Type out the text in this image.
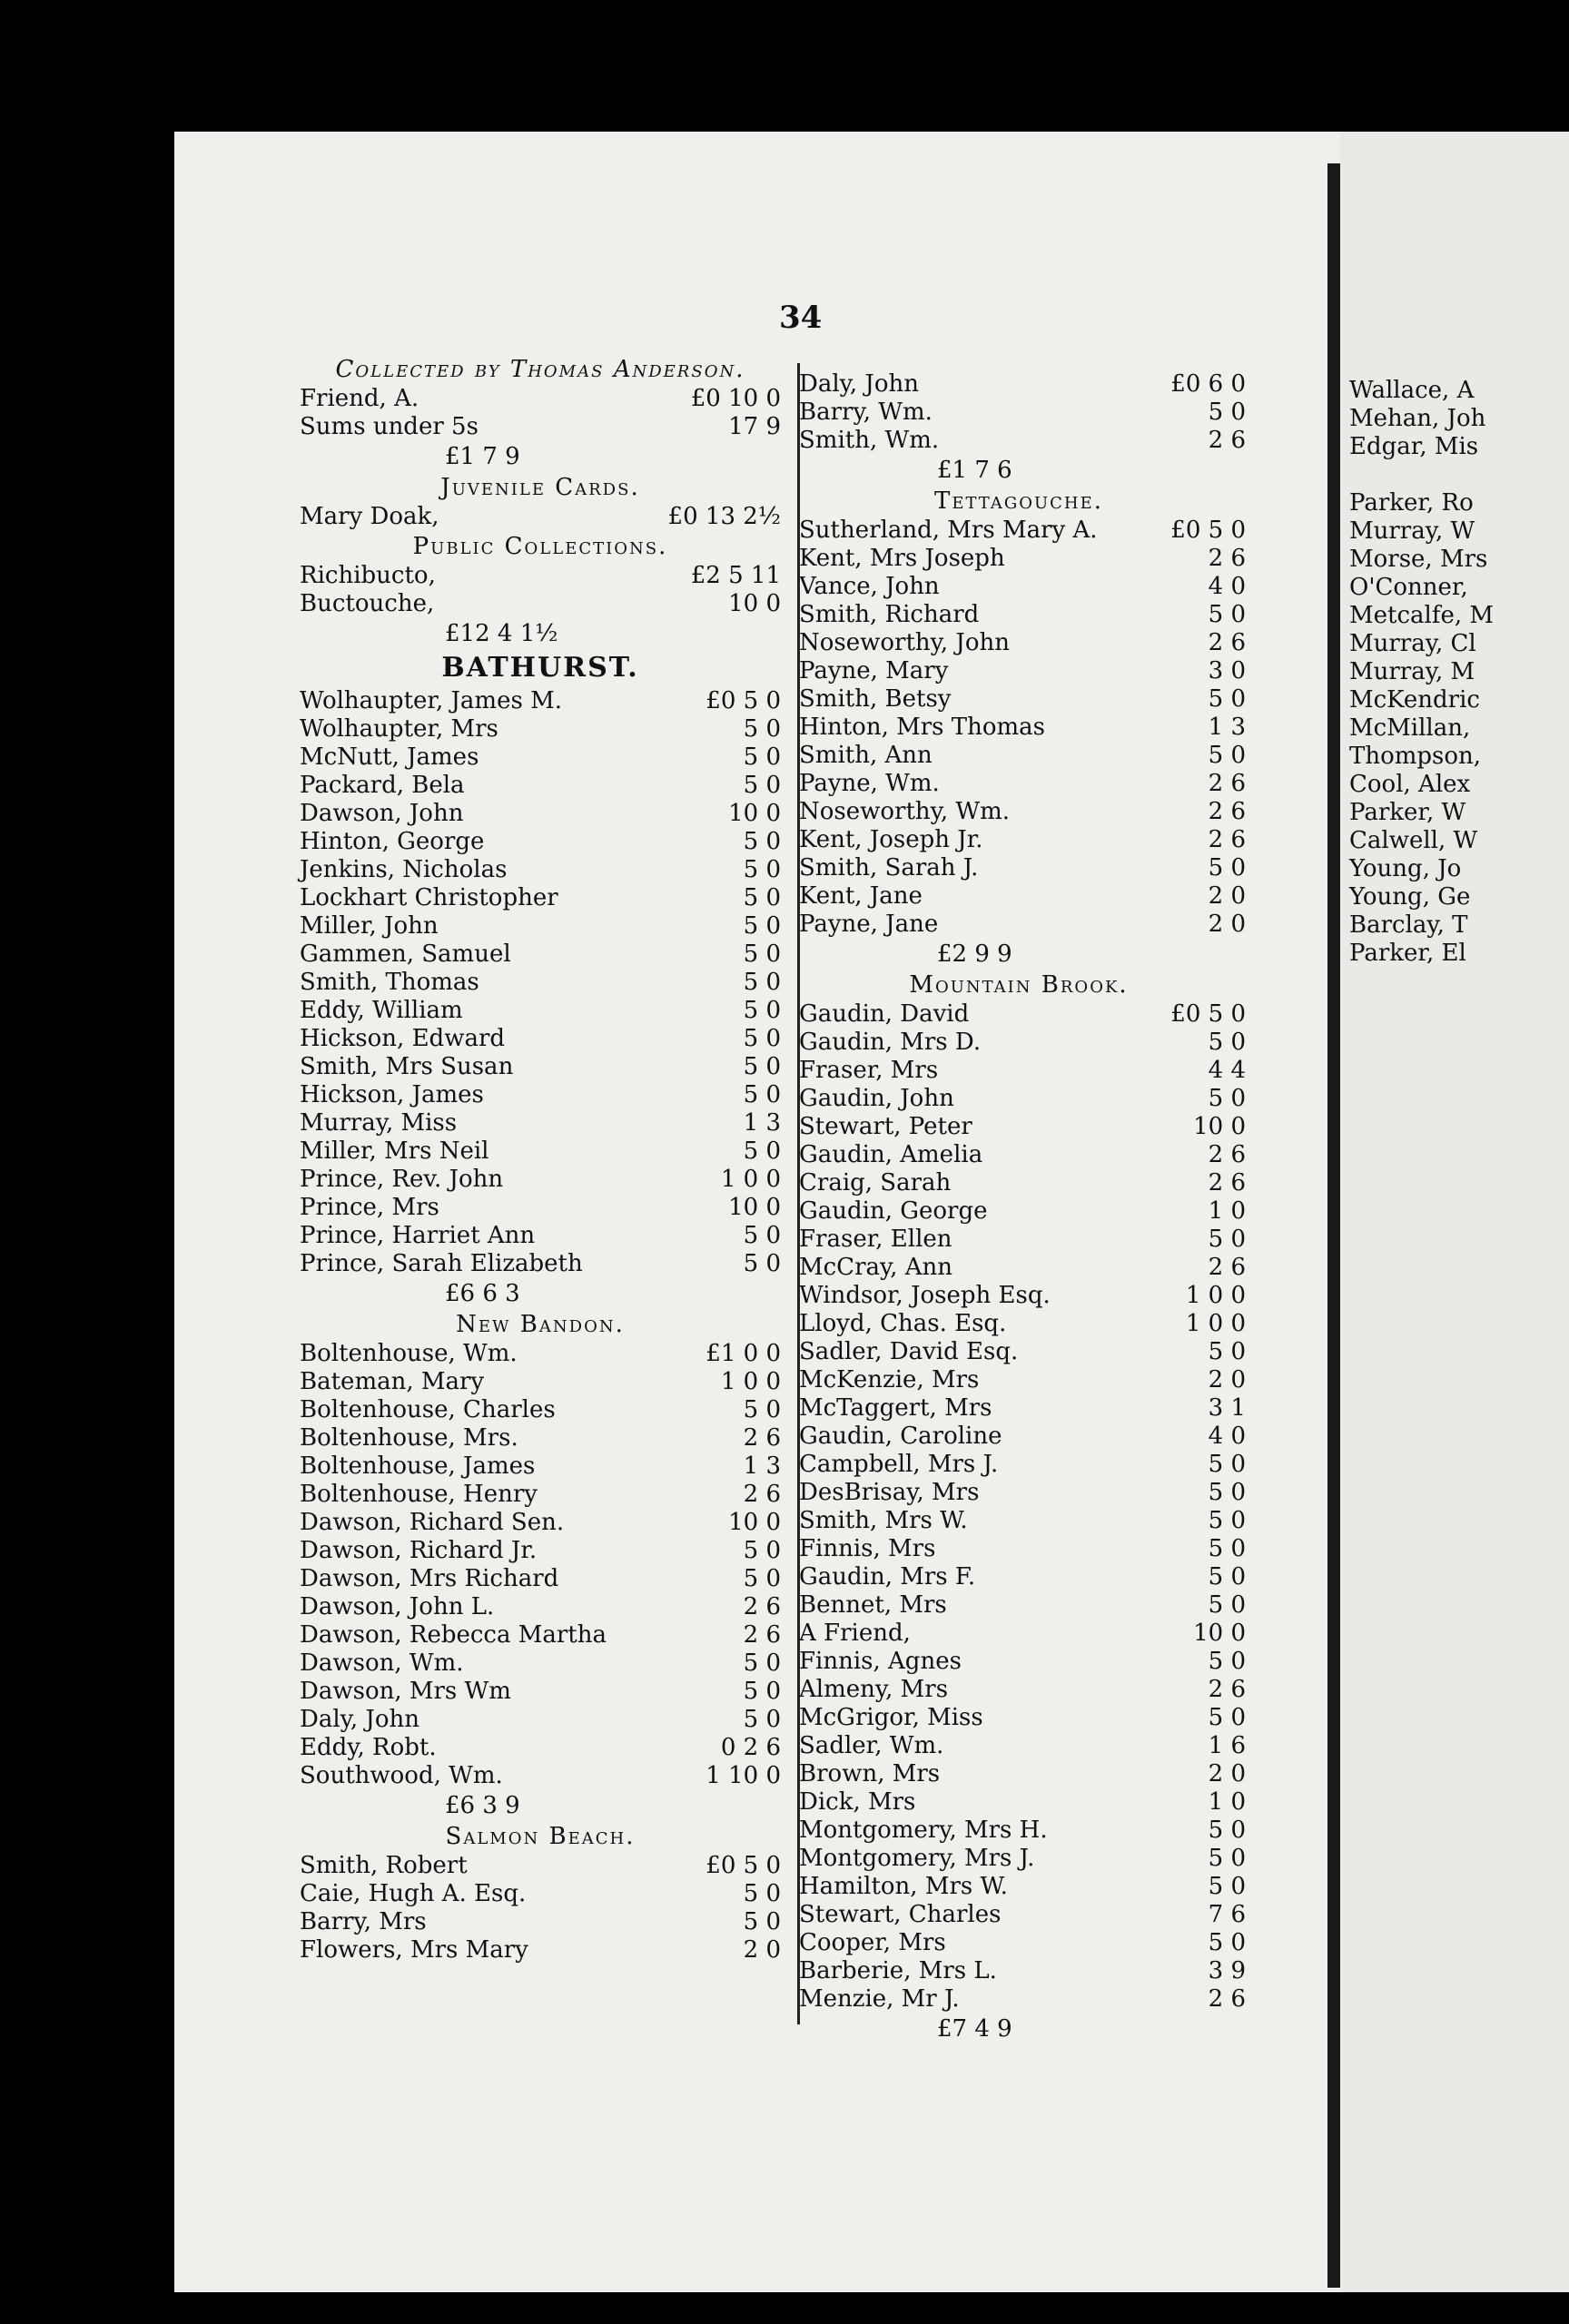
Wallace, A
Mehan, Joh
Edgar, Mis
Parker, Ro
Murray, W
Morse, Mrs
O'Conner,
Metcalfe, M
Murray, Cl
Murray, M
McKendric
McMillan,
Thompson,
Cool, Alex
Parker, W
Calwell, W
Young, Jo
Young, Ge
Barclay, T
Parker, El
34
Collected by Thomas Anderson.
Friend, A.	£0 10 0
Sums under 5s	17 9
£1 7 9
Juvenile Cards.
Mary Doak,	£0 13 2½
Public Collections.
Richibucto,	£2 5 11
Buctouche,	10 0
£12 4 1½
BATHURST.
Wolhaupter, James M.	£0 5 0
Wolhaupter, Mrs	5 0
McNutt, James	5 0
Packard, Bela	5 0
Dawson, John	10 0
Hinton, George	5 0
Jenkins, Nicholas	5 0
Lockhart Christopher	5 0
Miller, John	5 0
Gammen, Samuel	5 0
Smith, Thomas	5 0
Eddy, William	5 0
Hickson, Edward	5 0
Smith, Mrs Susan	5 0
Hickson, James	5 0
Murray, Miss	1 3
Miller, Mrs Neil	5 0
Prince, Rev. John	1 0 0
Prince, Mrs	10 0
Prince, Harriet Ann	5 0
Prince, Sarah Elizabeth	5 0
£6 6 3
New Bandon.
Boltenhouse, Wm.	£1 0 0
Bateman, Mary	1 0 0
Boltenhouse, Charles	5 0
Boltenhouse, Mrs.	2 6
Boltenhouse, James	1 3
Boltenhouse, Henry	2 6
Dawson, Richard Sen.	10 0
Dawson, Richard Jr.	5 0
Dawson, Mrs Richard	5 0
Dawson, John L.	2 6
Dawson, Rebecca Martha	2 6
Dawson, Wm.	5 0
Dawson, Mrs Wm	5 0
Daly, John	5 0
Eddy, Robt.	0 2 6
Southwood, Wm.	1 10 0
£6 3 9
Salmon Beach.
Smith, Robert	£0 5 0
Caie, Hugh A. Esq.	5 0
Barry, Mrs	5 0
Flowers, Mrs Mary	2 0
Daly, John	£0 6 0
Barry, Wm.	5 0
Smith, Wm.	2 6
£1 7 6
Tettagouche.
Sutherland, Mrs Mary A.	£0 5 0
Kent, Mrs Joseph	2 6
Vance, John	4 0
Smith, Richard	5 0
Noseworthy, John	2 6
Payne, Mary	3 0
Smith, Betsy	5 0
Hinton, Mrs Thomas	1 3
Smith, Ann	5 0
Payne, Wm.	2 6
Noseworthy, Wm.	2 6
Kent, Joseph Jr.	2 6
Smith, Sarah J.	5 0
Kent, Jane	2 0
Payne, Jane	2 0
£2 9 9
Mountain Brook.
Gaudin, David	£0 5 0
Gaudin, Mrs D.	5 0
Fraser, Mrs	4 4
Gaudin, John	5 0
Stewart, Peter	10 0
Gaudin, Amelia	2 6
Craig, Sarah	2 6
Gaudin, George	1 0
Fraser, Ellen	5 0
McCray, Ann	2 6
Windsor, Joseph Esq.	1 0 0
Lloyd, Chas. Esq.	1 0 0
Sadler, David Esq.	5 0
McKenzie, Mrs	2 0
McTaggert, Mrs	3 1
Gaudin, Caroline	4 0
Campbell, Mrs J.	5 0
DesBrisay, Mrs	5 0
Smith, Mrs W.	5 0
Finnis, Mrs	5 0
Gaudin, Mrs F.	5 0
Bennet, Mrs	5 0
A Friend,	10 0
Finnis, Agnes	5 0
Almeny, Mrs	2 6
McGrigor, Miss	5 0
Sadler, Wm.	1 6
Brown, Mrs	2 0
Dick, Mrs	1 0
Montgomery, Mrs H.	5 0
Montgomery, Mrs J.	5 0
Hamilton, Mrs W.	5 0
Stewart, Charles	7 6
Cooper, Mrs	5 0
Barberie, Mrs L.	3 9
Menzie, Mr J.	2 6
£7 4 9
